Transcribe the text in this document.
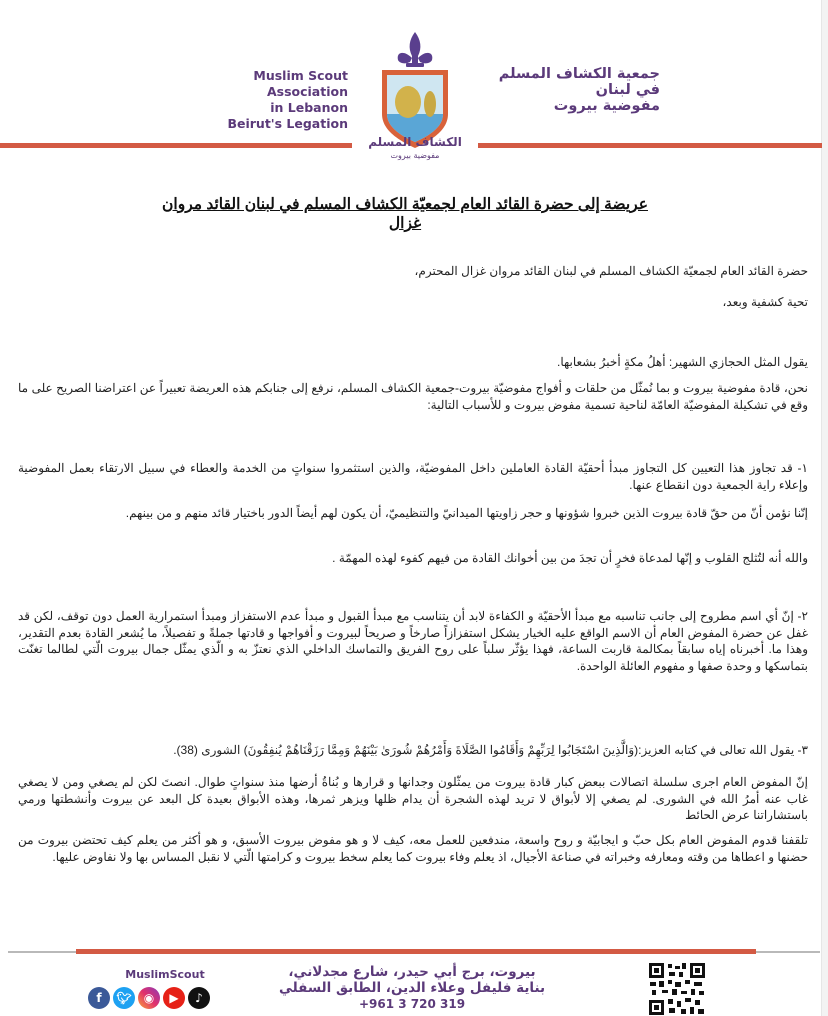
Muslim Scout Association
in Lebanon
Beirut's Legation
الكشاف المسلم
مفوضية بيروت
جمعية الكشاف المسلم
في لبنان
مفوضية بيروت
عريضة إلى حضرة القائد العام لجمعيّة الكشاف المسلم في لبنان القائد مروان غزال
حضرة القائد العام لجمعيّة الكشاف المسلم في لبنان القائد مروان غزال المحترم،
تحية كشفية وبعد،
يقول المثل الحجازي الشهير: أهلُ مكةٍ أخبرُ بشعابها.
نحن، قادة مفوضية بيروت و بما نُمثّل من حلقات و أفواج مفوضيّة بيروت-جمعية الكشاف المسلم، نرفع إلى جنابكم هذه العريضة تعبيراً عن اعتراضنا الصريح على ما وقع في تشكيلة المفوضيّة العامّة لناحية تسمية مفوض بيروت و للأسباب التالية:
١- قد تجاوز هذا التعيين كل التجاوز مبدأ أحقيّة القادة العاملين داخل المفوضيّة، والذين استثمروا سنواتٍ من الخدمة والعطاء في سبيل الارتقاء بعمل المفوضية وإعلاء راية الجمعية دون انقطاع عنها.
إنّنا نؤمن أنّ من حقّ قادة بيروت الذين خبروا شؤونها و حجر زاويتها الميدانيّ والتنظيميّ، أن يكون لهم أيضاً الدور باختيار قائد منهم و من بينهم.
والله أنه لتُثلج القلوب و إنّها لمدعاة فخرٍ أن تجدَ من بين أخوانك القادة من فيهم كفوء لهذه المهمّة .
٢- إنّ أي اسم مطروح إلى جانب تناسبه مع مبدأ الأحقيّة و الكفاءة لابد أن يتناسب مع مبدأ القبول و مبدأ عدم الاستفزاز ومبدأ استمرارية العمل دون توقف، لكن قد غفل عن حضرة المفوض العام أن الاسم الواقع عليه الخيار يشكل استفزازاً صارخاً و صريحاً لبيروت و أفواجها و قادتها جملةً و تفصيلاً، ما يُشعر القادة بعدم التقدير، وهذا ما. أخبرناه إياه سابقاً بمكالمة قاربت الساعة، فهذا يؤثّر سلباً على روح الفريق والتماسك الداخلي الذي نعتزّ به و الّذي يمثّل جمال بيروت الّتي لطالما تغنّت بتماسكها و وحدة صفها و مفهوم العائلة الواحدة.
٣- يقول الله تعالى في كتابه العزيز:(وَالَّذِينَ اسْتَجَابُوا لِرَبِّهِمْ وَأَقَامُوا الصَّلَاةَ وَأَمْرُهُمْ شُورَىٰ بَيْنَهُمْ وَمِمَّا رَزَقْنَاهُمْ يُنفِقُونَ) الشورى (38).
إنّ المفوض العام اجرى سلسلة اتصالات ببعض كبار قادة بيروت من يمثّلون وجدانها و قرارها و بُناةُ أرضها منذ سنواتٍ طوال. انصتَ لكن لم يصغي ومن لا يصغي غاب عنه أمرُ الله في الشورى. لم يصغي إلا لأبواق لا تريد لهذه الشجرة أن يدام ظلها ويزهر ثمرها، وهذه الأبواق بعيدة كل البعد عن بيروت وأنشطتها ورمي باستشاراتنا عرض الحائط
تلقفنا قدوم المفوض العام بكل حبّ و ايجابيّة و روح واسعة، مندفعين للعمل معه، كيف لا و هو مفوض بيروت الأسبق، و هو أكثر من يعلم كيف تحتضن بيروت من حضنها و اعطاها من وقته ومعارفه وخبراته في صناعة الأجيال، اذ يعلم وفاء بيروت كما يعلم سخط بيروت و كرامتها الّتي لا نقبل المساس بها ولا نفاوض عليها.
MuslimScout
f	🐦︎	◉	▶	♪
بيروت، برج أبي حيدر، شارع مجدلاني،
بناية فليفل وعلاء الدين، الطابق السفلي
+961 3 720 319
